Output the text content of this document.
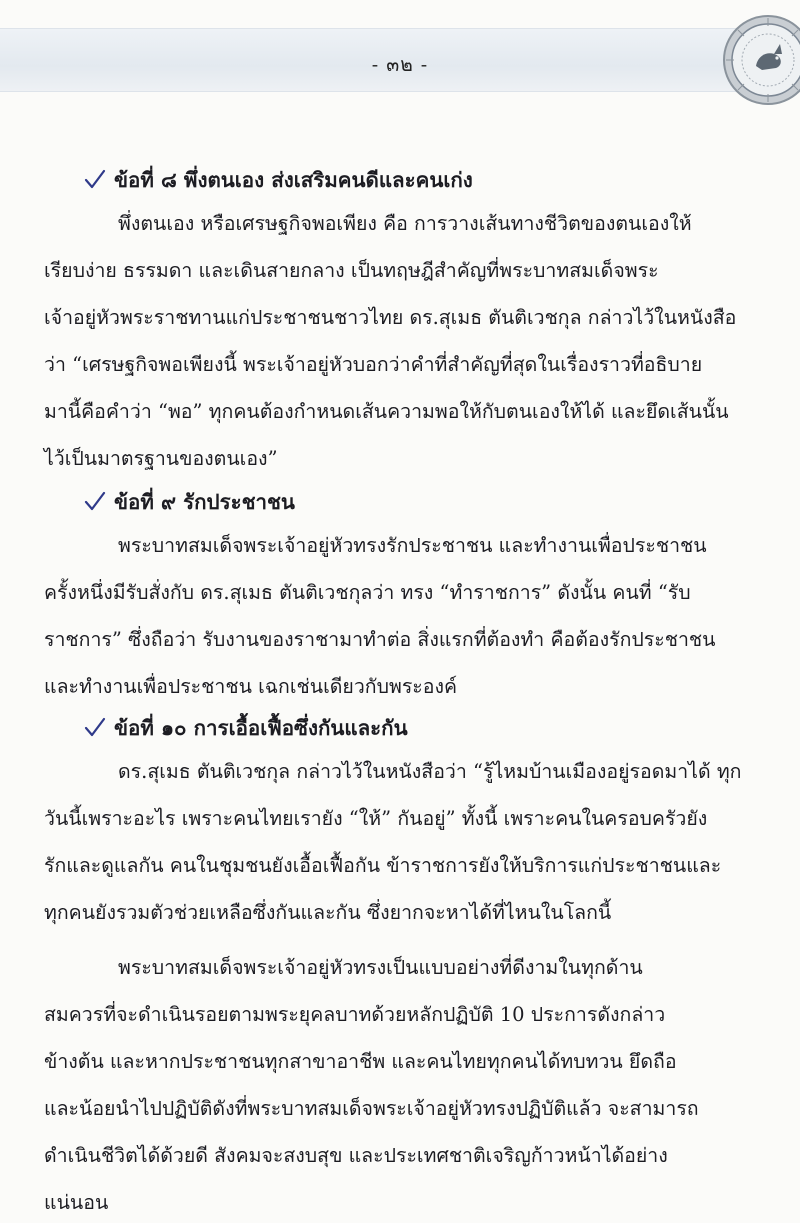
- ๓๒ -
ข้อที่ ๘ พึ่งตนเอง ส่งเสริมคนดีและคนเก่ง
พึ่งตนเอง หรือเศรษฐกิจพอเพียง คือ การวางเส้นทางชีวิตของตนเองให้
เรียบง่าย ธรรมดา และเดินสายกลาง เป็นทฤษฎีสำคัญที่พระบาทสมเด็จพระ
เจ้าอยู่หัวพระราชทานแก่ประชาชนชาวไทย ดร.สุเมธ ตันติเวชกุล กล่าวไว้ในหนังสือ
ว่า “เศรษฐกิจพอเพียงนี้ พระเจ้าอยู่หัวบอกว่าคำที่สำคัญที่สุดในเรื่องราวที่อธิบาย
มานี้คือคำว่า “พอ” ทุกคนต้องกำหนดเส้นความพอให้กับตนเองให้ได้ และยึดเส้นนั้น
ไว้เป็นมาตรฐานของตนเอง”
ข้อที่ ๙ รักประชาชน
พระบาทสมเด็จพระเจ้าอยู่หัวทรงรักประชาชน และทำงานเพื่อประชาชน
ครั้งหนึ่งมีรับสั่งกับ ดร.สุเมธ ตันติเวชกุลว่า ทรง “ทำราชการ” ดังนั้น คนที่ “รับ
ราชการ” ซึ่งถือว่า รับงานของราชามาทำต่อ สิ่งแรกที่ต้องทำ คือต้องรักประชาชน
และทำงานเพื่อประชาชน เฉกเช่นเดียวกับพระองค์
ข้อที่ ๑๐ การเอื้อเฟื้อซึ่งกันและกัน
ดร.สุเมธ ตันติเวชกุล กล่าวไว้ในหนังสือว่า “รู้ไหมบ้านเมืองอยู่รอดมาได้ ทุก
วันนี้เพราะอะไร เพราะคนไทยเรายัง “ให้” กันอยู่” ทั้งนี้ เพราะคนในครอบครัวยัง
รักและดูแลกัน คนในชุมชนยังเอื้อเฟื้อกัน ข้าราชการยังให้บริการแก่ประชาชนและ
ทุกคนยังรวมตัวช่วยเหลือซึ่งกันและกัน ซึ่งยากจะหาได้ที่ไหนในโลกนี้
พระบาทสมเด็จพระเจ้าอยู่หัวทรงเป็นแบบอย่างที่ดีงามในทุกด้าน
สมควรที่จะดำเนินรอยตามพระยุคลบาทด้วยหลักปฏิบัติ 10 ประการดังกล่าว
ข้างต้น และหากประชาชนทุกสาขาอาชีพ และคนไทยทุกคนได้ทบทวน ยึดถือ
และน้อยนำไปปฏิบัติดังที่พระบาทสมเด็จพระเจ้าอยู่หัวทรงปฏิบัติแล้ว จะสามารถ
ดำเนินชีวิตได้ด้วยดี สังคมจะสงบสุข และประเทศชาติเจริญก้าวหน้าได้อย่าง
แน่นอน
